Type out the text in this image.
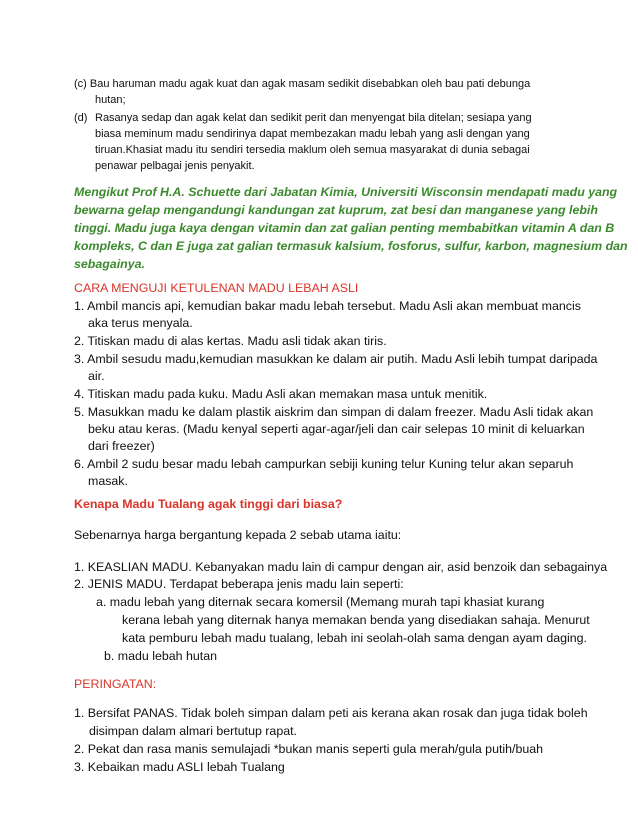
(c) Bau haruman madu agak kuat dan agak masam sedikit disebabkan oleh bau pati debunga
hutan;
(d) Rasanya sedap dan agak kelat dan sedikit perit dan menyengat bila ditelan; sesiapa yang
biasa meminum madu sendirinya dapat membezakan madu lebah yang asli dengan yang
tiruan.Khasiat madu itu sendiri tersedia maklum oleh semua masyarakat di dunia sebagai
penawar pelbagai jenis penyakit.
Mengikut Prof H.A. Schuette dari Jabatan Kimia, Universiti Wisconsin mendapati madu yang
bewarna gelap mengandungi kandungan zat kuprum, zat besi dan manganese yang lebih
tinggi. Madu juga kaya dengan vitamin dan zat galian penting membabitkan vitamin A dan B
kompleks, C dan E juga zat galian termasuk kalsium, fosforus, sulfur, karbon, magnesium dan
sebagainya.
CARA MENGUJI KETULENAN MADU LEBAH ASLI
1. Ambil mancis api, kemudian bakar madu lebah tersebut. Madu Asli akan membuat mancis
aka terus menyala.
2. Titiskan madu di alas kertas. Madu asli tidak akan tiris.
3. Ambil sesudu madu,kemudian masukkan ke dalam air putih. Madu Asli lebih tumpat daripada
air.
4. Titiskan madu pada kuku. Madu Asli akan memakan masa untuk menitik.
5. Masukkan madu ke dalam plastik aiskrim dan simpan di dalam freezer. Madu Asli tidak akan
beku atau keras. (Madu kenyal seperti agar-agar/jeli dan cair selepas 10 minit di keluarkan
dari freezer)
6. Ambil 2 sudu besar madu lebah campurkan sebiji kuning telur Kuning telur akan separuh
masak.
Kenapa Madu Tualang agak tinggi dari biasa?
Sebenarnya harga bergantung kepada 2 sebab utama iaitu:
1. KEASLIAN MADU. Kebanyakan madu lain di campur dengan air, asid benzoik dan sebagainya
2. JENIS MADU. Terdapat beberapa jenis madu lain seperti:
a. madu lebah yang diternak secara komersil (Memang murah tapi khasiat kurang
kerana lebah yang diternak hanya memakan benda yang disediakan sahaja. Menurut
kata pemburu lebah madu tualang, lebah ini seolah-olah sama dengan ayam daging.
b. madu lebah hutan
PERINGATAN:
1. Bersifat PANAS. Tidak boleh simpan dalam peti ais kerana akan rosak dan juga tidak boleh
disimpan dalam almari bertutup rapat.
2. Pekat dan rasa manis semulajadi *bukan manis seperti gula merah/gula putih/buah
3. Kebaikan madu ASLI lebah Tualang
